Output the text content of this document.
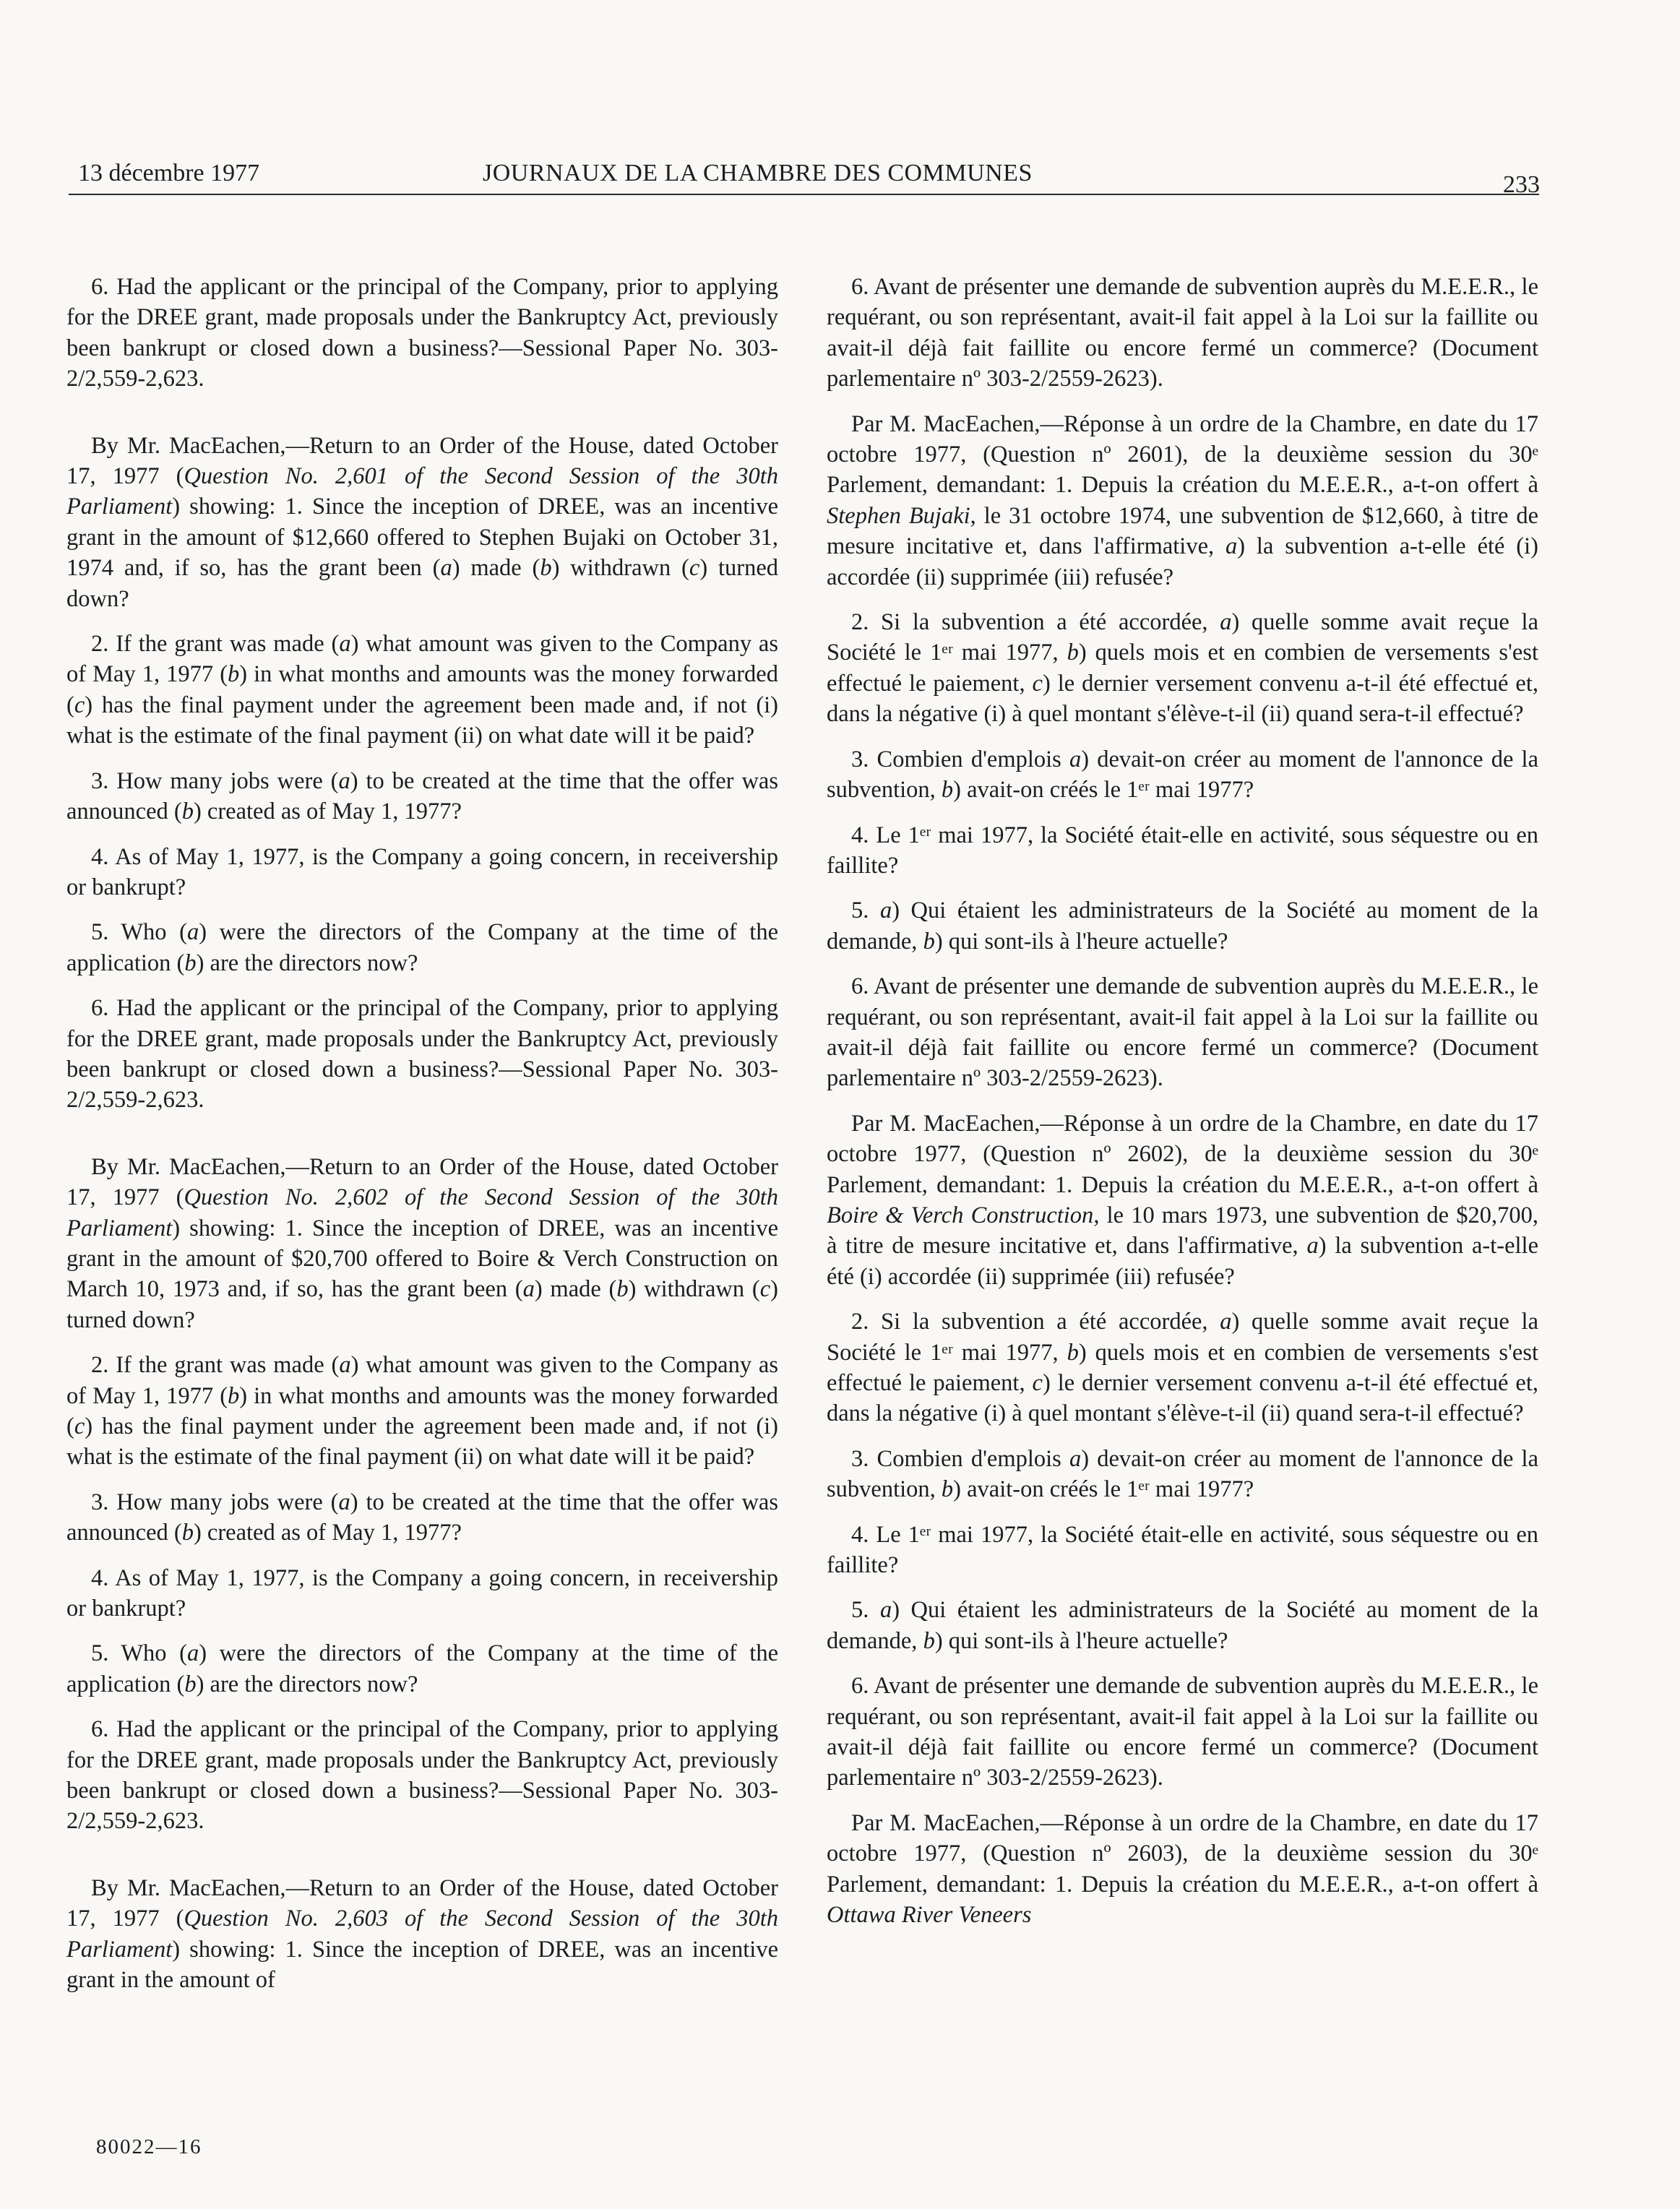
13 décembre 1977	JOURNAUX DE LA CHAMBRE DES COMMUNES	233

6. Had the applicant or the principal of the Company, prior to applying for the DREE grant, made proposals under the Bankruptcy Act, previously been bankrupt or closed down a business?—Sessional Paper No. 303-2/2,559-2,623.

By Mr. MacEachen,—Return to an Order of the House, dated October 17, 1977 (Question No. 2,601 of the Second Session of the 30th Parliament) showing: 1. Since the inception of DREE, was an incentive grant in the amount of $12,660 offered to Stephen Bujaki on October 31, 1974 and, if so, has the grant been (a) made (b) withdrawn (c) turned down?

2. If the grant was made (a) what amount was given to the Company as of May 1, 1977 (b) in what months and amounts was the money forwarded (c) has the final payment under the agreement been made and, if not (i) what is the estimate of the final payment (ii) on what date will it be paid?

3. How many jobs were (a) to be created at the time that the offer was announced (b) created as of May 1, 1977?

4. As of May 1, 1977, is the Company a going concern, in receivership or bankrupt?

5. Who (a) were the directors of the Company at the time of the application (b) are the directors now?

6. Had the applicant or the principal of the Company, prior to applying for the DREE grant, made proposals under the Bankruptcy Act, previously been bankrupt or closed down a business?—Sessional Paper No. 303-2/2,559-2,623.

By Mr. MacEachen,—Return to an Order of the House, dated October 17, 1977 (Question No. 2,602 of the Second Session of the 30th Parliament) showing: 1. Since the inception of DREE, was an incentive grant in the amount of $20,700 offered to Boire & Verch Construction on March 10, 1973 and, if so, has the grant been (a) made (b) withdrawn (c) turned down?

2. If the grant was made (a) what amount was given to the Company as of May 1, 1977 (b) in what months and amounts was the money forwarded (c) has the final payment under the agreement been made and, if not (i) what is the estimate of the final payment (ii) on what date will it be paid?

3. How many jobs were (a) to be created at the time that the offer was announced (b) created as of May 1, 1977?

4. As of May 1, 1977, is the Company a going concern, in receivership or bankrupt?

5. Who (a) were the directors of the Company at the time of the application (b) are the directors now?

6. Had the applicant or the principal of the Company, prior to applying for the DREE grant, made proposals under the Bankruptcy Act, previously been bankrupt or closed down a business?—Sessional Paper No. 303-2/2,559-2,623.

By Mr. MacEachen,—Return to an Order of the House, dated October 17, 1977 (Question No. 2,603 of the Second Session of the 30th Parliament) showing: 1. Since the inception of DREE, was an incentive grant in the amount of

6. Avant de présenter une demande de subvention auprès du M.E.E.R., le requérant, ou son représentant, avait-il fait appel à la Loi sur la faillite ou avait-il déjà fait faillite ou encore fermé un commerce? (Document parlementaire nº 303-2/2559-2623).

Par M. MacEachen,—Réponse à un ordre de la Chambre, en date du 17 octobre 1977, (Question nº 2601), de la deuxième session du 30ᵉ Parlement, demandant: 1. Depuis la création du M.E.E.R., a-t-on offert à Stephen Bujaki, le 31 octobre 1974, une subvention de $12,660, à titre de mesure incitative et, dans l'affirmative, a) la subvention a-t-elle été (i) accordée (ii) supprimée (iii) refusée?

2. Si la subvention a été accordée, a) quelle somme avait reçue la Société le 1ᵉʳ mai 1977, b) quels mois et en combien de versements s'est effectué le paiement, c) le dernier versement convenu a-t-il été effectué et, dans la négative (i) à quel montant s'élève-t-il (ii) quand sera-t-il effectué?

3. Combien d'emplois a) devait-on créer au moment de l'annonce de la subvention, b) avait-on créés le 1ᵉʳ mai 1977?

4. Le 1ᵉʳ mai 1977, la Société était-elle en activité, sous séquestre ou en faillite?

5. a) Qui étaient les administrateurs de la Société au moment de la demande, b) qui sont-ils à l'heure actuelle?

6. Avant de présenter une demande de subvention auprès du M.E.E.R., le requérant, ou son représentant, avait-il fait appel à la Loi sur la faillite ou avait-il déjà fait faillite ou encore fermé un commerce? (Document parlementaire nº 303-2/2559-2623).

Par M. MacEachen,—Réponse à un ordre de la Chambre, en date du 17 octobre 1977, (Question nº 2602), de la deuxième session du 30ᵉ Parlement, demandant: 1. Depuis la création du M.E.E.R., a-t-on offert à Boire & Verch Construction, le 10 mars 1973, une subvention de $20,700, à titre de mesure incitative et, dans l'affirmative, a) la subvention a-t-elle été (i) accordée (ii) supprimée (iii) refusée?

2. Si la subvention a été accordée, a) quelle somme avait reçue la Société le 1ᵉʳ mai 1977, b) quels mois et en combien de versements s'est effectué le paiement, c) le dernier versement convenu a-t-il été effectué et, dans la négative (i) à quel montant s'élève-t-il (ii) quand sera-t-il effectué?

3. Combien d'emplois a) devait-on créer au moment de l'annonce de la subvention, b) avait-on créés le 1ᵉʳ mai 1977?

4. Le 1ᵉʳ mai 1977, la Société était-elle en activité, sous séquestre ou en faillite?

5. a) Qui étaient les administrateurs de la Société au moment de la demande, b) qui sont-ils à l'heure actuelle?

6. Avant de présenter une demande de subvention auprès du M.E.E.R., le requérant, ou son représentant, avait-il fait appel à la Loi sur la faillite ou avait-il déjà fait faillite ou encore fermé un commerce? (Document parlementaire nº 303-2/2559-2623).

Par M. MacEachen,—Réponse à un ordre de la Chambre, en date du 17 octobre 1977, (Question nº 2603), de la deuxième session du 30ᵉ Parlement, demandant: 1. Depuis la création du M.E.E.R., a-t-on offert à Ottawa River Veneers

80022—16
